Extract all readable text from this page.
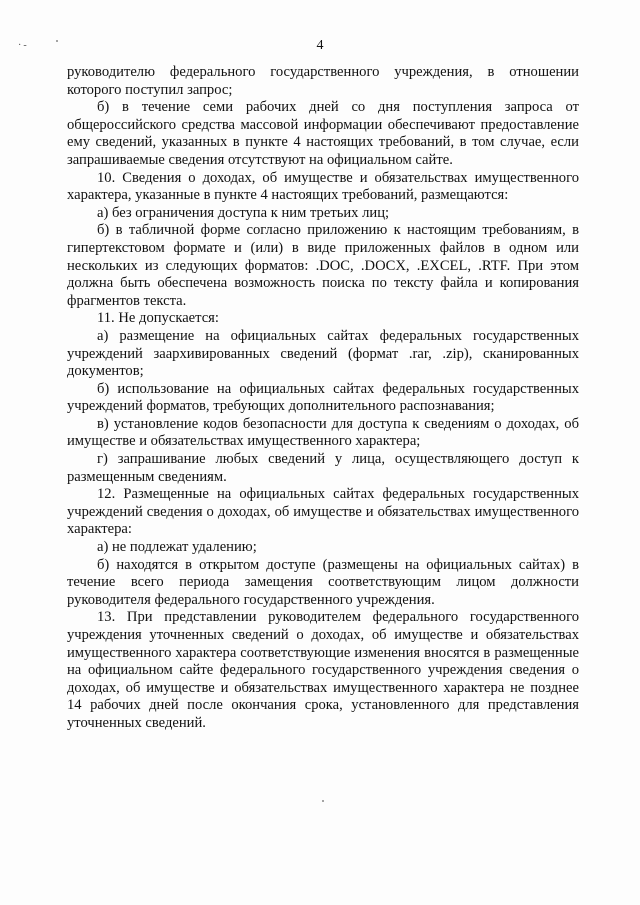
·-	4

руководителю федерального государственного учреждения, в отношении которого поступил запрос;

б) в течение семи рабочих дней со дня поступления запроса от общероссийского средства массовой информации обеспечивают предоставление ему сведений, указанных в пункте 4 настоящих требований, в том случае, если запрашиваемые сведения отсутствуют на официальном сайте.

10. Сведения о доходах, об имуществе и обязательствах имущественного характера, указанные в пункте 4 настоящих требований, размещаются:

а) без ограничения доступа к ним третьих лиц;

б) в табличной форме согласно приложению к настоящим требованиям, в гипертекстовом формате и (или) в виде приложенных файлов в одном или нескольких из следующих форматов: .DOC, .DOCX, .EXCEL, .RTF. При этом должна быть обеспечена возможность поиска по тексту файла и копирования фрагментов текста.

11. Не допускается:

а) размещение на официальных сайтах федеральных государственных учреждений заархивированных сведений (формат .rar, .zip), сканированных документов;

б) использование на официальных сайтах федеральных государственных учреждений форматов, требующих дополнительного распознавания;

в) установление кодов безопасности для доступа к сведениям о доходах, об имуществе и обязательствах имущественного характера;

г) запрашивание любых сведений у лица, осуществляющего доступ к размещенным сведениям.

12. Размещенные на официальных сайтах федеральных государственных учреждений сведения о доходах, об имуществе и обязательствах имущественного характера:

а) не подлежат удалению;

б) находятся в открытом доступе (размещены на официальных сайтах) в течение всего периода замещения соответствующим лицом должности руководителя федерального государственного учреждения.

13. При представлении руководителем федерального государственного учреждения уточненных сведений о доходах, об имуществе и обязательствах имущественного характера соответствующие изменения вносятся в размещенные на официальном сайте федерального государственного учреждения сведения о доходах, об имуществе и обязательствах имущественного характера не позднее 14 рабочих дней после окончания срока, установленного для представления уточненных сведений.
